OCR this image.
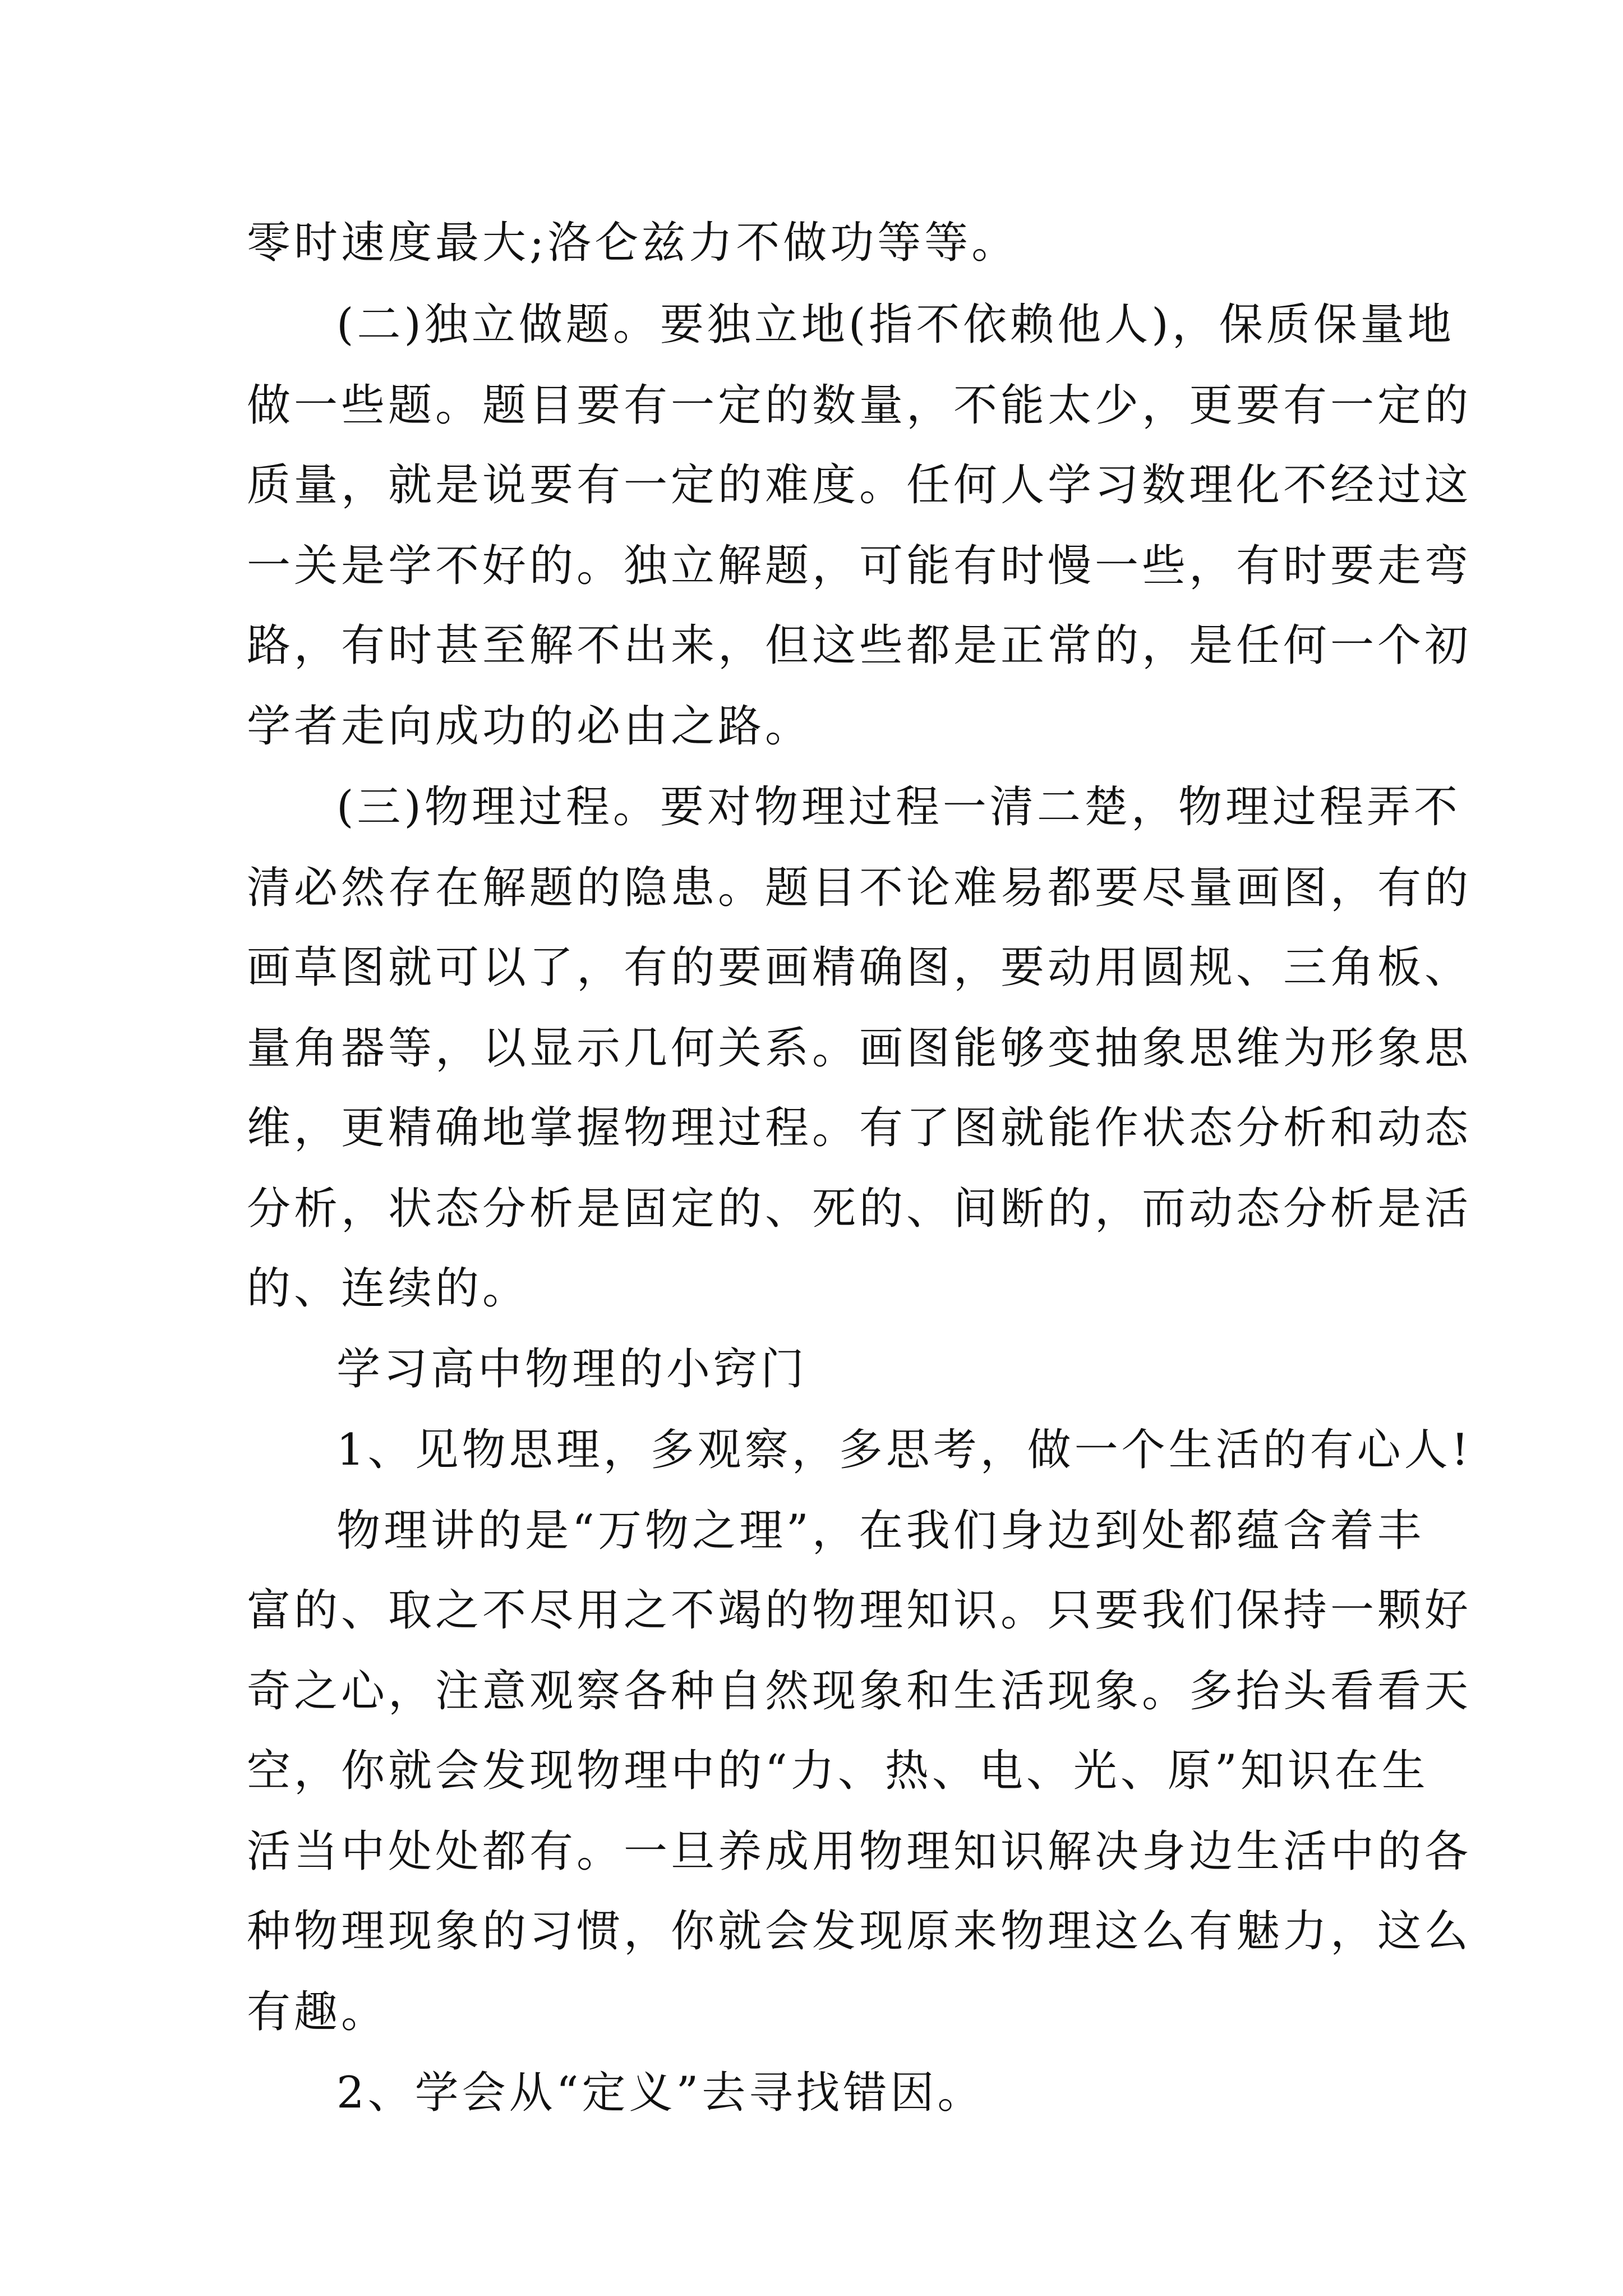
零时速度最大;洛仑兹力不做功等等。
(二)独立做题。要独立地(指不依赖他人)，保质保量地
做一些题。题目要有一定的数量，不能太少，更要有一定的
质量，就是说要有一定的难度。任何人学习数理化不经过这
一关是学不好的。独立解题，可能有时慢一些，有时要走弯
路，有时甚至解不出来，但这些都是正常的，是任何一个初
学者走向成功的必由之路。
(三)物理过程。要对物理过程一清二楚，物理过程弄不
清必然存在解题的隐患。题目不论难易都要尽量画图，有的
画草图就可以了，有的要画精确图，要动用圆规、三角板、
量角器等，以显示几何关系。画图能够变抽象思维为形象思
维，更精确地掌握物理过程。有了图就能作状态分析和动态
分析，状态分析是固定的、死的、间断的，而动态分析是活
的、连续的。
学习高中物理的小窍门
1、见物思理，多观察，多思考，做一个生活的有心人!
物理讲的是“万物之理”，在我们身边到处都蕴含着丰
富的、取之不尽用之不竭的物理知识。只要我们保持一颗好
奇之心，注意观察各种自然现象和生活现象。多抬头看看天
空，你就会发现物理中的“力、热、电、光、原”知识在生
活当中处处都有。一旦养成用物理知识解决身边生活中的各
种物理现象的习惯，你就会发现原来物理这么有魅力，这么
有趣。
2、学会从“定义”去寻找错因。
